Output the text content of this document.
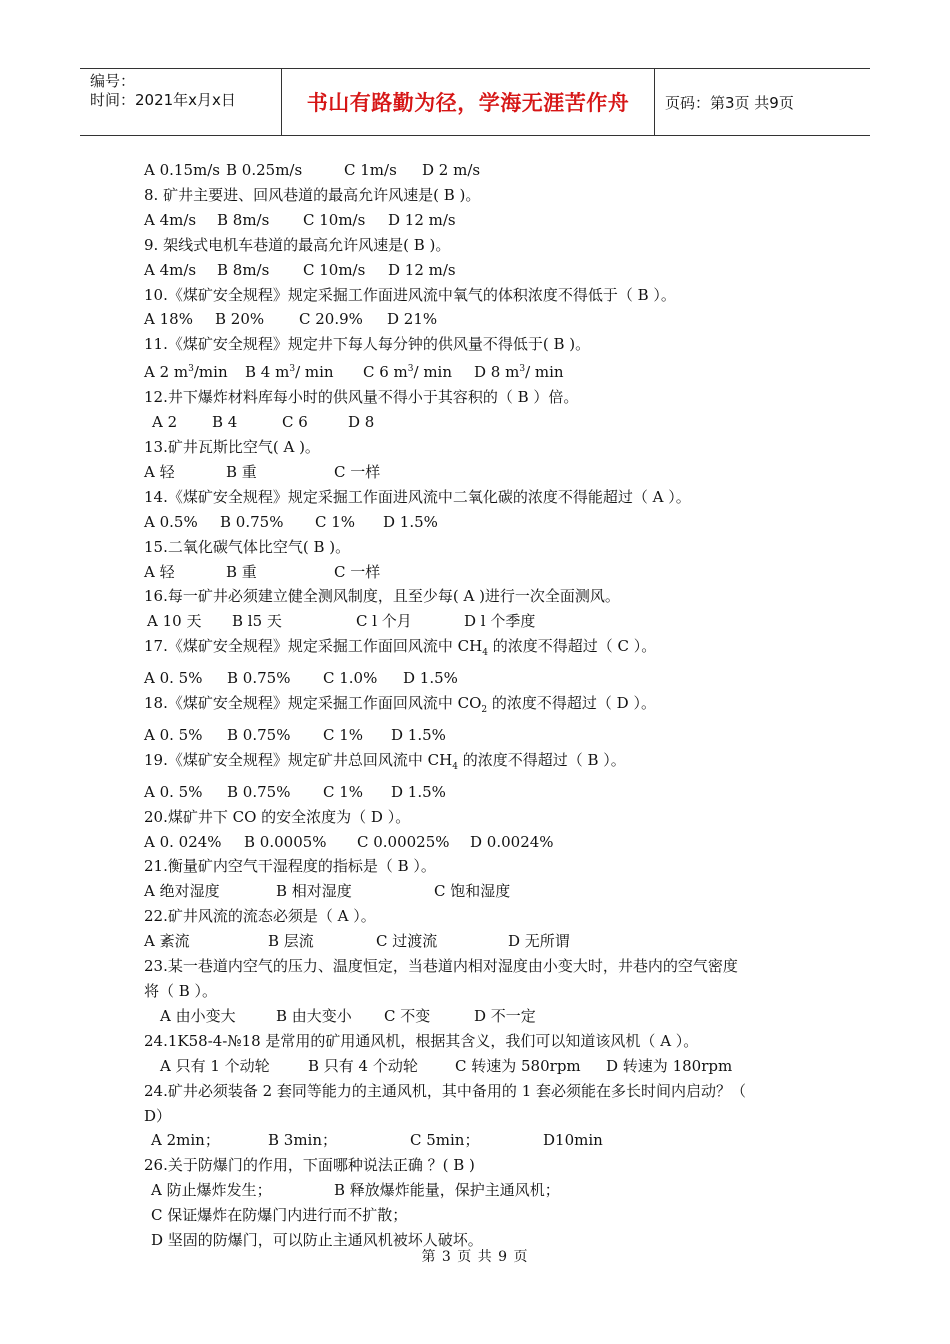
编号：
时间：2021年x月x日	书山有路勤为径，学海无涯苦作舟	页码：第3页 共9页
A 0.15m/s B 0.25m/s	C 1m/s D 2 m/s
8. 矿井主要进、回风巷道的最高允许风速是( B )。
A 4m/s B 8m/s C 10m/s D 12 m/s
9. 架线式电机车巷道的最高允许风速是( B )。
A 4m/s B 8m/s C 10m/s D 12 m/s
10.《煤矿安全规程》规定采掘工作面进风流中氧气的体积浓度不得低于（ B ）。
A 18% B 20% C 20.9% D 21%
11.《煤矿安全规程》规定井下每人每分钟的供风量不得低于( B )。
A 2 $m^3/\min$ B 4 $m^3/$ min C 6 $m^3/$ min D 8 $m^3/$ min
12.井下爆炸材料库每小时的供风量不得小于其容积的（ B ）倍。
A 2 B 4	C 6	D 8
13.矿井瓦斯比空气( A )。
A 轻	B 重	C 一样
14.《煤矿安全规程》规定采掘工作面进风流中二氧化碳的浓度不得能超过（ A ）。
A 0.5% B 0.75% C 1% D 1.5%
15.二氧化碳气体比空气( B )。
A 轻	B 重	C 一样
16.每一矿井必须建立健全测风制度，且至少每( A )进行一次全面测风。
A 10 天 B l5 天	C l 个月	D l 个季度
17.《煤矿安全规程》规定采掘工作面回风流中 $CH_4$ 的浓度不得超过（ C ）。
A 0. 5% B 0.75% C 1.0% D 1.5%
18.《煤矿安全规程》规定采掘工作面回风流中 $CO_2$ 的浓度不得超过（ D ）。
A 0. 5% B 0.75% C 1% D 1.5%
19.《煤矿安全规程》规定矿井总回风流中 $CH_4$ 的浓度不得超过（ B ）。
A 0. 5% B 0.75% C 1% D 1.5%
20.煤矿井下 CO 的安全浓度为（ D ）。
A 0. 024% B 0.0005% C 0.00025% D 0.0024%
21.衡量矿内空气干湿程度的指标是（ B ）。
A 绝对湿度	B 相对湿度	C 饱和湿度
22.矿井风流的流态必须是（ A ）。
A 紊流	B 层流	C 过渡流	D 无所谓
23.某一巷道内空气的压力、温度恒定，当巷道内相对湿度由小变大时，井巷内的空气密度
将（ B ）。
A 由小变大	B 由大变小 C 不变	D 不一定
24.1K58-4-№18 是常用的矿用通风机，根据其含义，我们可以知道该风机（ A ）。
A 只有 1 个动轮	B 只有 4 个动轮 C 转速为 580rpm D 转速为 180rpm
24.矿井必须装备 2 套同等能力的主通风机，其中备用的 1 套必须能在多长时间内启动？（
D）
A 2min；	B 3min；	C 5min；	D10min
26.关于防爆门的作用，下面哪种说法正确 ？( B )
A 防止爆炸发生；	B 释放爆炸能量，保护主通风机；
C 保证爆炸在防爆门内进行而不扩散；
D 坚固的防爆门，可以防止主通风机被坏人破坏。
第 3 页 共 9 页
